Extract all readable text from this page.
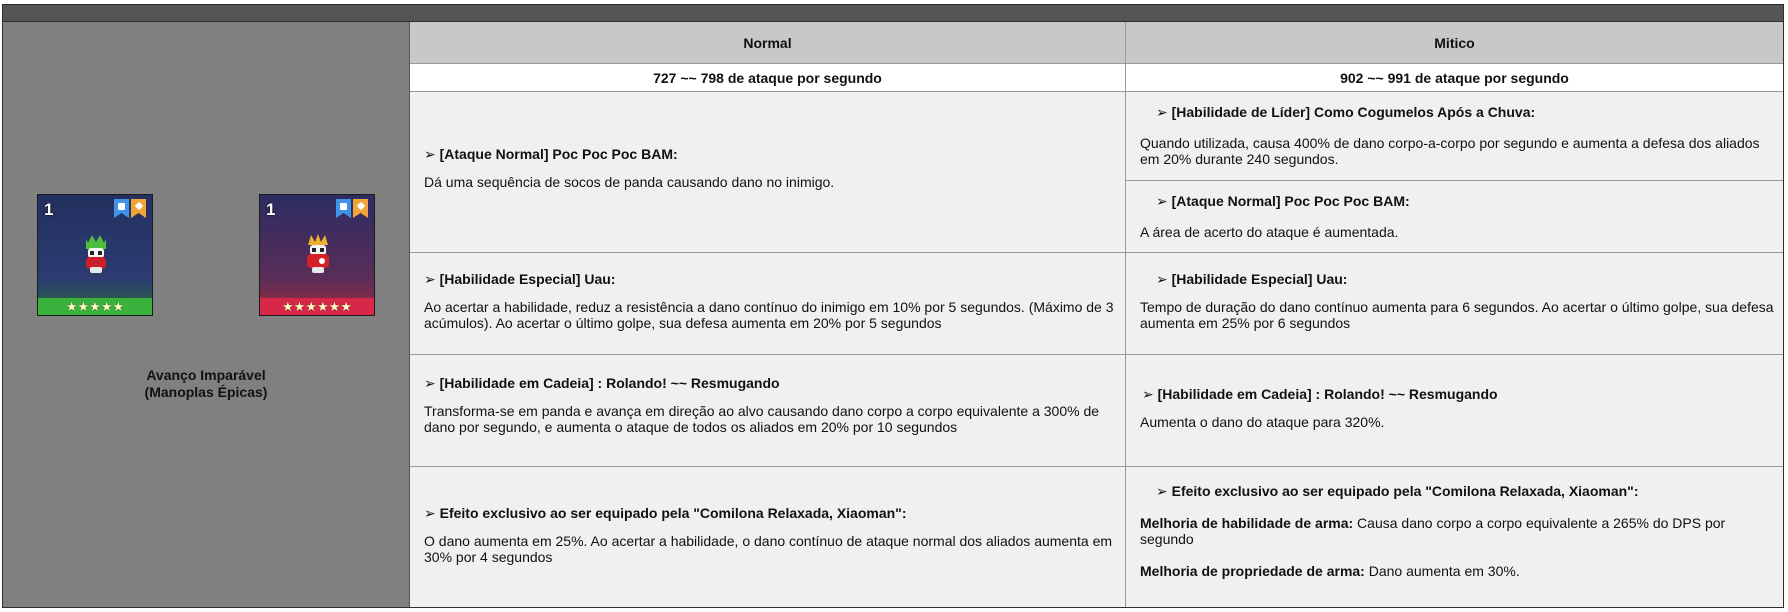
1
★★★★★
1
★★★★★★
Avanço Imparável
(Manoplas Épicas)
Normal	Mitico
727 ~~ 798 de ataque por segundo	902 ~~ 991 de ataque por segundo

➢ [Ataque Normal] Poc Poc Poc BAM:

Dá uma sequência de socos de panda causando dano no inimigo.

➢ [Habilidade Especial] Uau:

Ao acertar a habilidade, reduz a resistência a dano contínuo do inimigo em 10% por 5 segundos. (Máximo de 3 acúmulos). Ao acertar o último golpe, sua defesa aumenta em 20% por 5 segundos

➢ [Habilidade em Cadeia] : Rolando! ~~ Resmugando

Transforma-se em panda e avança em direção ao alvo causando dano corpo a corpo equivalente a 300% de dano por segundo, e aumenta o ataque de todos os aliados em 20% por 10 segundos

➢ Efeito exclusivo ao ser equipado pela "Comilona Relaxada, Xiaoman":

O dano aumenta em 25%. Ao acertar a habilidade, o dano contínuo de ataque normal dos aliados aumenta em 30% por 4 segundos

➢ [Habilidade de Líder] Como Cogumelos Após a Chuva:

Quando utilizada, causa 400% de dano corpo-a-corpo por segundo e aumenta a defesa dos aliados em 20% durante 240 segundos.

➢ [Ataque Normal] Poc Poc Poc BAM:

A área de acerto do ataque é aumentada.

➢ [Habilidade Especial] Uau:

Tempo de duração do dano contínuo aumenta para 6 segundos. Ao acertar o último golpe, sua defesa aumenta em 25% por 6 segundos

➢ [Habilidade em Cadeia] : Rolando! ~~ Resmugando

Aumenta o dano do ataque para 320%.

➢ Efeito exclusivo ao ser equipado pela "Comilona Relaxada, Xiaoman":

Melhoria de habilidade de arma: Causa dano corpo a corpo equivalente a 265% do DPS por segundo

Melhoria de propriedade de arma: Dano aumenta em 30%.
